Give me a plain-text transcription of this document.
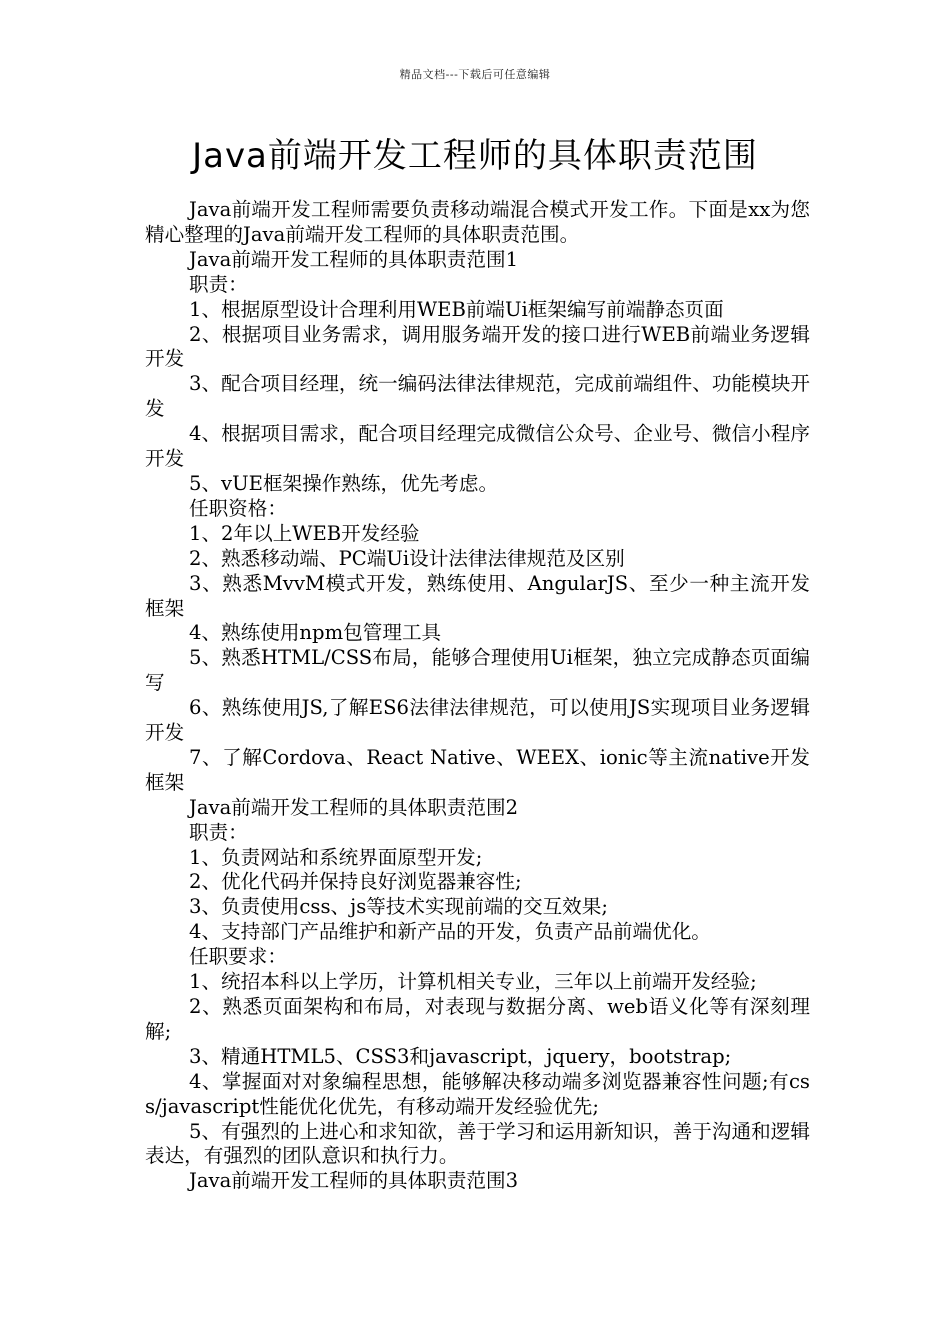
精品文档---下载后可任意编辑
Java前端开发工程师的具体职责范围

Java前端开发工程师需要负责移动端混合模式开发工作。下面是xx为您精心整理的Java前端开发工程师的具体职责范围。

Java前端开发工程师的具体职责范围1

职责：

1、根据原型设计合理利用WEB前端Ui框架编写前端静态页面

2、根据项目业务需求，调用服务端开发的接口进行WEB前端业务逻辑开发

3、配合项目经理，统一编码法律法律规范，完成前端组件、功能模块开发

4、根据项目需求，配合项目经理完成微信公众号、企业号、微信小程序开发

5、vUE框架操作熟练，优先考虑。

任职资格：

1、2年以上WEB开发经验

2、熟悉移动端、PC端Ui设计法律法律规范及区别

3、熟悉MvvM模式开发，熟练使用、AngularJS、至少一种主流开发框架

4、熟练使用npm包管理工具

5、熟悉HTML/CSS布局，能够合理使用Ui框架，独立完成静态页面编写

6、熟练使用JS,了解ES6法律法律规范，可以使用JS实现项目业务逻辑开发

7、了解Cordova、React Native、WEEX、ionic等主流native开发框架

Java前端开发工程师的具体职责范围2

职责：

1、负责网站和系统界面原型开发;

2、优化代码并保持良好浏览器兼容性;

3、负责使用css、js等技术实现前端的交互效果;

4、支持部门产品维护和新产品的开发，负责产品前端优化。

任职要求：

1、统招本科以上学历，计算机相关专业，三年以上前端开发经验;

2、熟悉页面架构和布局，对表现与数据分离、web语义化等有深刻理解;

3、精通HTML5、CSS3和javascript，jquery，bootstrap;

4、掌握面对对象编程思想，能够解决移动端多浏览器兼容性问题;有css/javascript性能优化优先，有移动端开发经验优先;

5、有强烈的上进心和求知欲，善于学习和运用新知识，善于沟通和逻辑表达，有强烈的团队意识和执行力。

Java前端开发工程师的具体职责范围3
